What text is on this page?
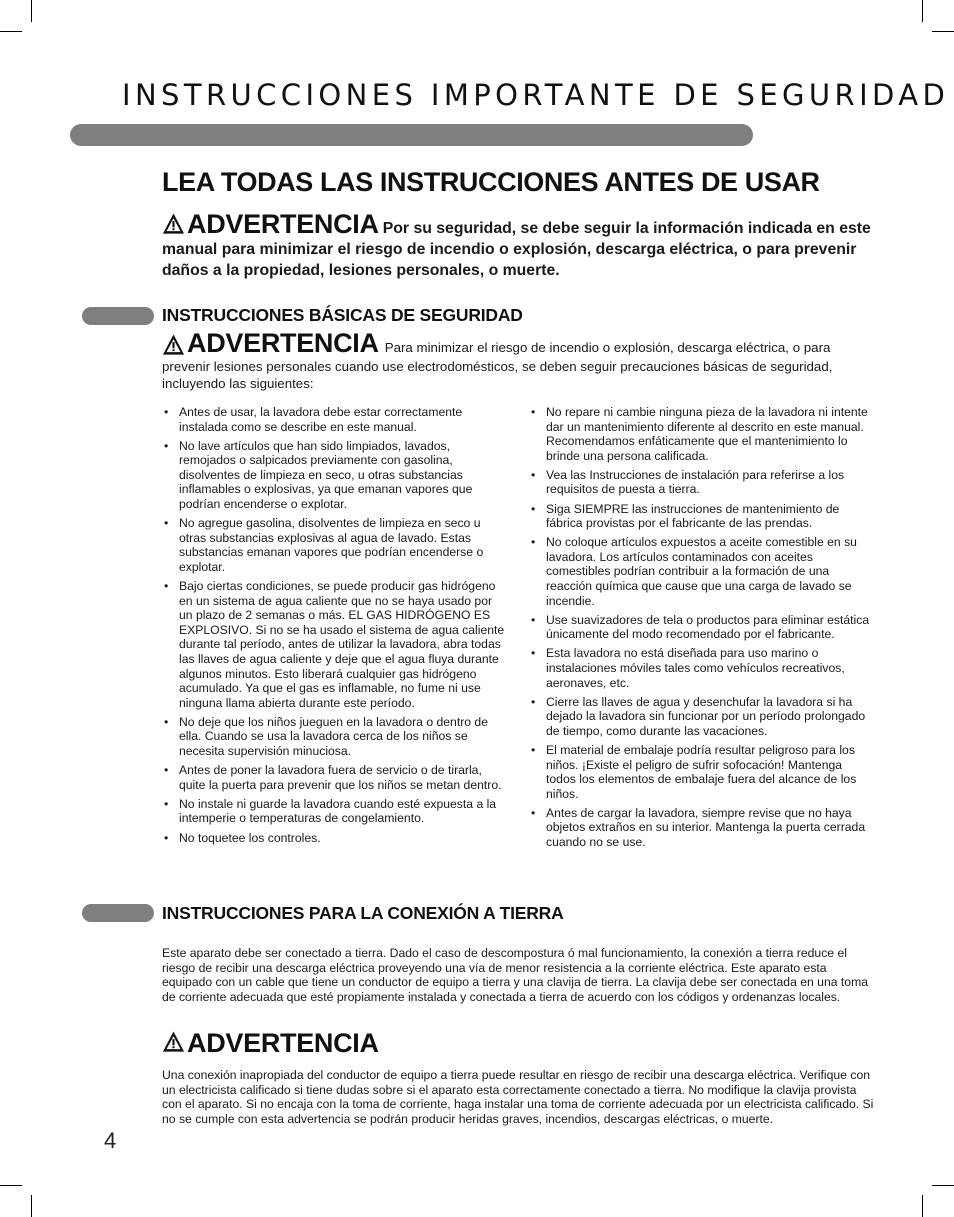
INSTRUCCIONES IMPORTANTE DE SEGURIDAD
LEA TODAS LAS INSTRUCCIONES ANTES DE USAR
ADVERTENCIA Por su seguridad, se debe seguir la información indicada en este manual para minimizar el riesgo de incendio o explosión, descarga eléctrica, o para prevenir daños a la propiedad, lesiones personales, o muerte.
INSTRUCCIONES BÁSICAS DE SEGURIDAD
ADVERTENCIA Para minimizar el riesgo de incendio o explosión, descarga eléctrica, o para prevenir lesiones personales cuando use electrodomésticos, se deben seguir precauciones básicas de seguridad, incluyendo las siguientes:
• Antes de usar, la lavadora debe estar correctamente instalada como se describe en este manual.
• No lave artículos que han sido limpiados, lavados, remojados o salpicados previamente con gasolina, disolventes de limpieza en seco, u otras substancias inflamables o explosivas, ya que emanan vapores que podrían encenderse o explotar.
• No agregue gasolina, disolventes de limpieza en seco u otras substancias explosivas al agua de lavado. Estas substancias emanan vapores que podrían encenderse o explotar.
• Bajo ciertas condiciones, se puede producir gas hidrógeno en un sistema de agua caliente que no se haya usado por un plazo de 2 semanas o más. EL GAS HIDRÓGENO ES EXPLOSIVO. Si no se ha usado el sistema de agua caliente durante tal período, antes de utilizar la lavadora, abra todas las llaves de agua caliente y deje que el agua fluya durante algunos minutos. Esto liberará cualquier gas hidrógeno acumulado. Ya que el gas es inflamable, no fume ni use ninguna llama abierta durante este período.
• No deje que los niños jueguen en la lavadora o dentro de ella. Cuando se usa la lavadora cerca de los niños se necesita supervisión minuciosa.
• Antes de poner la lavadora fuera de servicio o de tirarla, quite la puerta para prevenir que los niños se metan dentro.
• No instale ni guarde la lavadora cuando esté expuesta a la intemperie o temperaturas de congelamiento.
• No toquetee los controles.
• No repare ni cambie ninguna pieza de la lavadora ni intente dar un mantenimiento diferente al descrito en este manual. Recomendamos enfáticamente que el mantenimiento lo brinde una persona calificada.
• Vea las Instrucciones de instalación para referirse a los requisitos de puesta a tierra.
• Siga SIEMPRE las instrucciones de mantenimiento de fábrica provistas por el fabricante de las prendas.
• No coloque artículos expuestos a aceite comestible en su lavadora. Los artículos contaminados con aceites comestibles podrían contribuir a la formación de una reacción química que cause que una carga de lavado se incendie.
• Use suavizadores de tela o productos para eliminar estática únicamente del modo recomendado por el fabricante.
• Esta lavadora no está diseñada para uso marino o instalaciones móviles tales como vehículos recreativos, aeronaves, etc.
• Cierre las llaves de agua y desenchufar la lavadora si ha dejado la lavadora sin funcionar por un período prolongado de tiempo, como durante las vacaciones.
• El material de embalaje podría resultar peligroso para los niños. ¡Existe el peligro de sufrir sofocación! Mantenga todos los elementos de embalaje fuera del alcance de los niños.
• Antes de cargar la lavadora, siempre revise que no haya objetos extraños en su interior. Mantenga la puerta cerrada cuando no se use.
INSTRUCCIONES PARA LA CONEXIÓN A TIERRA

Este aparato debe ser conectado a tierra. Dado el caso de descompostura ó mal funcionamiento, la conexión a tierra reduce el riesgo de recibir una descarga eléctrica proveyendo una vía de menor resistencia a la corriente eléctrica. Este aparato esta equipado con un cable que tiene un conductor de equipo a tierra y una clavija de tierra. La clavija debe ser conectada en una toma de corriente adecuada que esté propiamente instalada y conectada a tierra de acuerdo con los códigos y ordenanzas locales.

ADVERTENCIA

Una conexión inapropiada del conductor de equipo a tierra puede resultar en riesgo de recibir una descarga eléctrica. Verifique con un electricista calificado si tiene dudas sobre si el aparato esta correctamente conectado a tierra. No modifique la clavija provista con el aparato. Si no encaja con la toma de corriente, haga instalar una toma de corriente adecuada por un electricista calificado. Si no se cumple con esta advertencia se podrán producir heridas graves, incendios, descargas eléctricas, o muerte.

4
